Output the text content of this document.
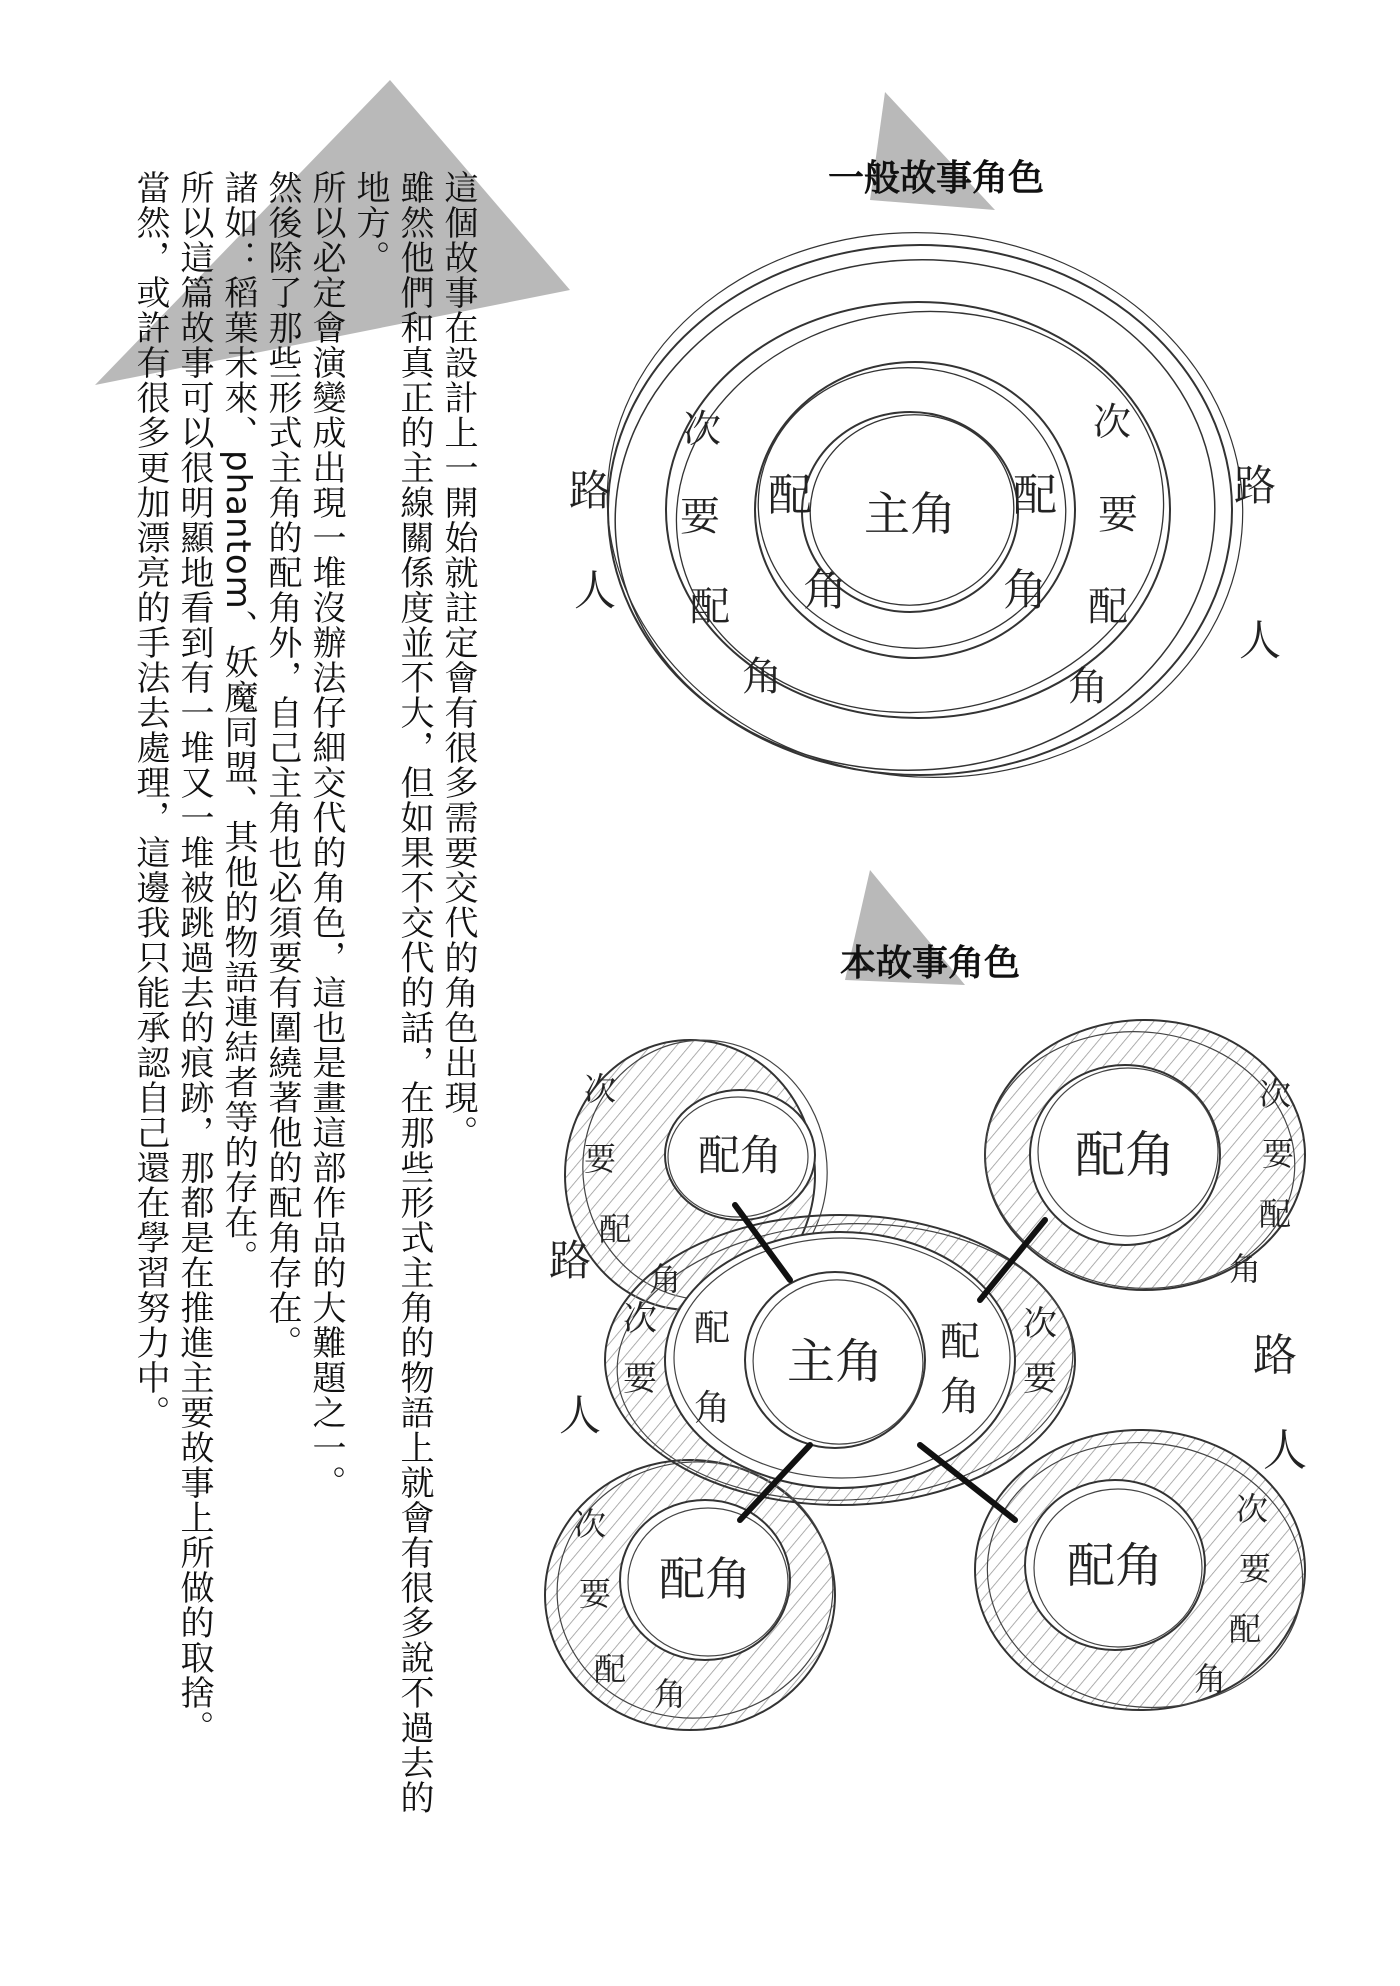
這個故事在設計上一開始就註定會有很多需要交代的角色出現。

雖然他們和真正的主線關係度並不大，但如果不交代的話，在那些形式主角的物語上就會有很多說不過去的地方。

所以必定會演變成出現一堆沒辦法仔細交代的角色，這也是畫這部作品的大難題之一。

然後除了那些形式主角的配角外，自己主角也必須要有圍繞著他的配角存在。

諸如：稻葉未來、phantom、妖魔同盟、其他的物語連結者等的存在。

所以這篇故事可以很明顯地看到有一堆又一堆被跳過去的痕跡，那都是在推進主要故事上所做的取捨。

當然，或許有很多更加漂亮的手法去處理，這邊我只能承認自己還在學習努力中。	一般故事角色
本故事角色
主角
配
角
配
角
次
要
配
角
次
要
配
角
路
人
路
人
主角
配
角
配
角
次
要
次
要
配角	配角
配角	配角
次
要
配
角
次
要
配
角
次
要
配
角
次
要
配
角
路
人
路
人
